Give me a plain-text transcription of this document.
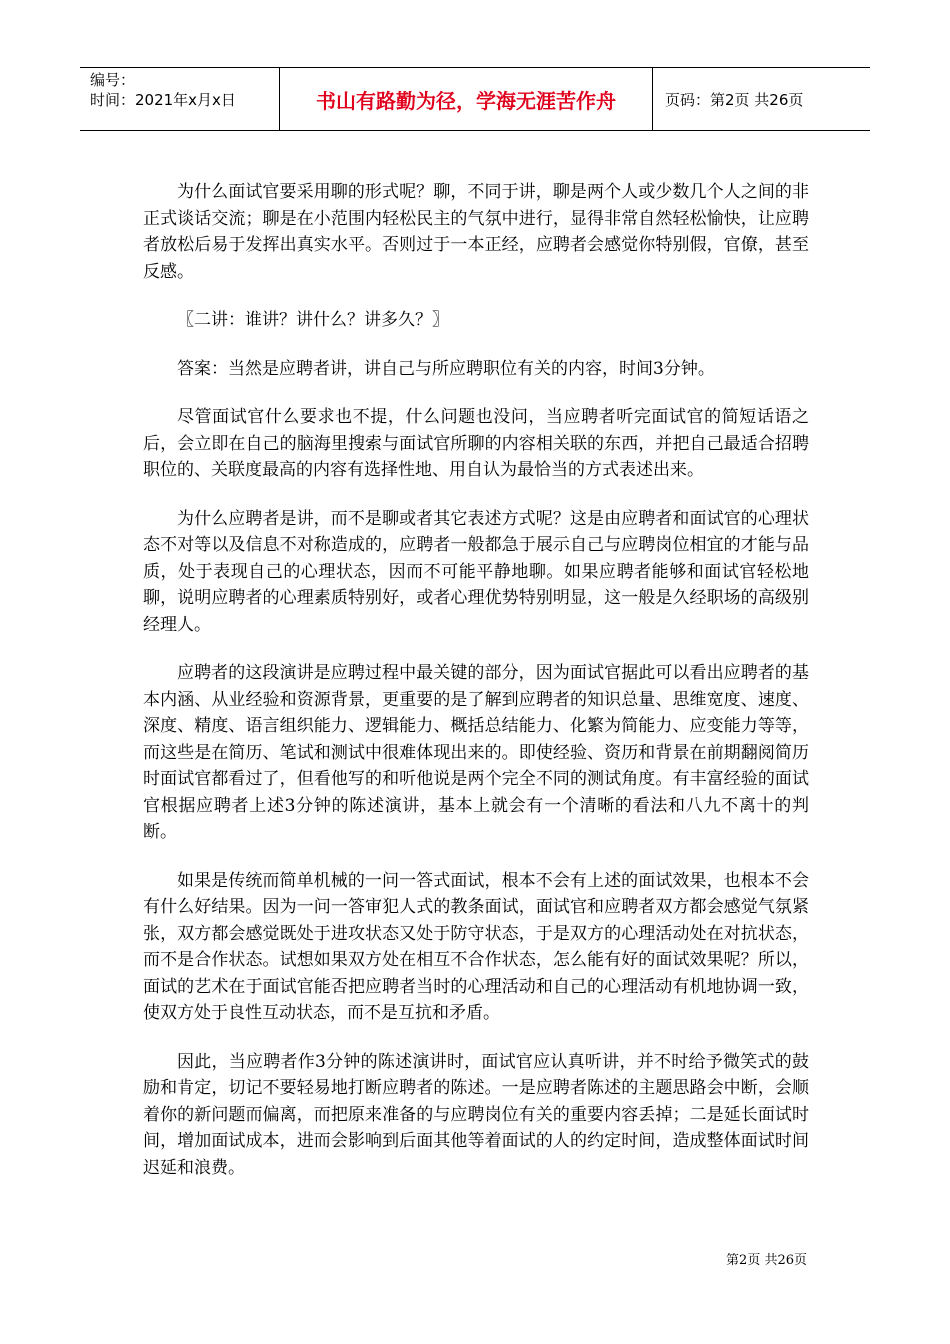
编号：
时间：2021年x月x日	书山有路勤为径，学海无涯苦作舟	页码：第2页 共26页

为什么面试官要采用聊的形式呢？聊，不同于讲，聊是两个人或少数几个人之间的非正式谈话交流；聊是在小范围内轻松民主的气氛中进行，显得非常自然轻松愉快，让应聘者放松后易于发挥出真实水平。否则过于一本正经，应聘者会感觉你特别假，官僚，甚至反感。

〖二讲：谁讲？讲什么？讲多久？〗

答案：当然是应聘者讲，讲自己与所应聘职位有关的内容，时间3分钟。

尽管面试官什么要求也不提，什么问题也没问，当应聘者听完面试官的简短话语之后，会立即在自己的脑海里搜索与面试官所聊的内容相关联的东西，并把自己最适合招聘职位的、关联度最高的内容有选择性地、用自认为最恰当的方式表述出来。

为什么应聘者是讲，而不是聊或者其它表述方式呢？这是由应聘者和面试官的心理状态不对等以及信息不对称造成的，应聘者一般都急于展示自己与应聘岗位相宜的才能与品质，处于表现自己的心理状态，因而不可能平静地聊。如果应聘者能够和面试官轻松地聊，说明应聘者的心理素质特别好，或者心理优势特别明显，这一般是久经职场的高级别经理人。

应聘者的这段演讲是应聘过程中最关键的部分，因为面试官据此可以看出应聘者的基本内涵、从业经验和资源背景，更重要的是了解到应聘者的知识总量、思维宽度、速度、深度、精度、语言组织能力、逻辑能力、概括总结能力、化繁为简能力、应变能力等等，而这些是在简历、笔试和测试中很难体现出来的。即使经验、资历和背景在前期翻阅简历时面试官都看过了，但看他写的和听他说是两个完全不同的测试角度。有丰富经验的面试官根据应聘者上述3分钟的陈述演讲，基本上就会有一个清晰的看法和八九不离十的判断。

如果是传统而简单机械的一问一答式面试，根本不会有上述的面试效果，也根本不会有什么好结果。因为一问一答审犯人式的教条面试，面试官和应聘者双方都会感觉气氛紧张，双方都会感觉既处于进攻状态又处于防守状态，于是双方的心理活动处在对抗状态，而不是合作状态。试想如果双方处在相互不合作状态，怎么能有好的面试效果呢？所以，面试的艺术在于面试官能否把应聘者当时的心理活动和自己的心理活动有机地协调一致，使双方处于良性互动状态，而不是互抗和矛盾。

因此，当应聘者作3分钟的陈述演讲时，面试官应认真听讲，并不时给予微笑式的鼓励和肯定，切记不要轻易地打断应聘者的陈述。一是应聘者陈述的主题思路会中断，会顺着你的新问题而偏离，而把原来准备的与应聘岗位有关的重要内容丢掉；二是延长面试时间，增加面试成本，进而会影响到后面其他等着面试的人的约定时间，造成整体面试时间迟延和浪费。

第2页 共26页
